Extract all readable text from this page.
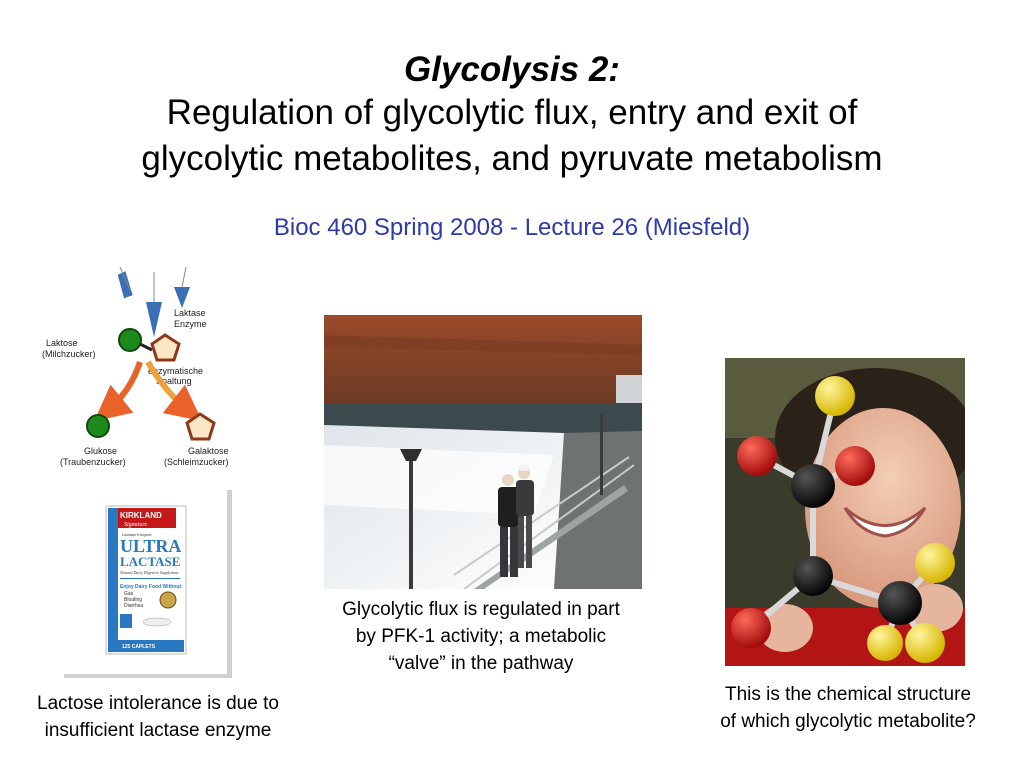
Glycolysis 2:
Regulation of glycolytic flux, entry and exit of
glycolytic metabolites, and pyruvate metabolism
Bioc 460 Spring 2008 - Lecture 26 (Miesfeld)
Laktase
Enzyme
Laktose
(Milchzucker)
enzymatische
Spaltung
Glukose
(Traubenzucker)
Galaktose
(Schleimzucker)
KIRKLAND
Signature
Lactase Enzyme
ULTRA
LACTASE
Natural Dairy Digestive Supplement
Enjoy Dairy Food Without:
Gas
Bloating
Diarrhea
125 CAPLETS
Lactose intolerance is due to
insufficient lactase enzyme
Glycolytic flux is regulated in part
by PFK-1 activity; a metabolic
“valve” in the pathway
This is the chemical structure
of which glycolytic metabolite?
